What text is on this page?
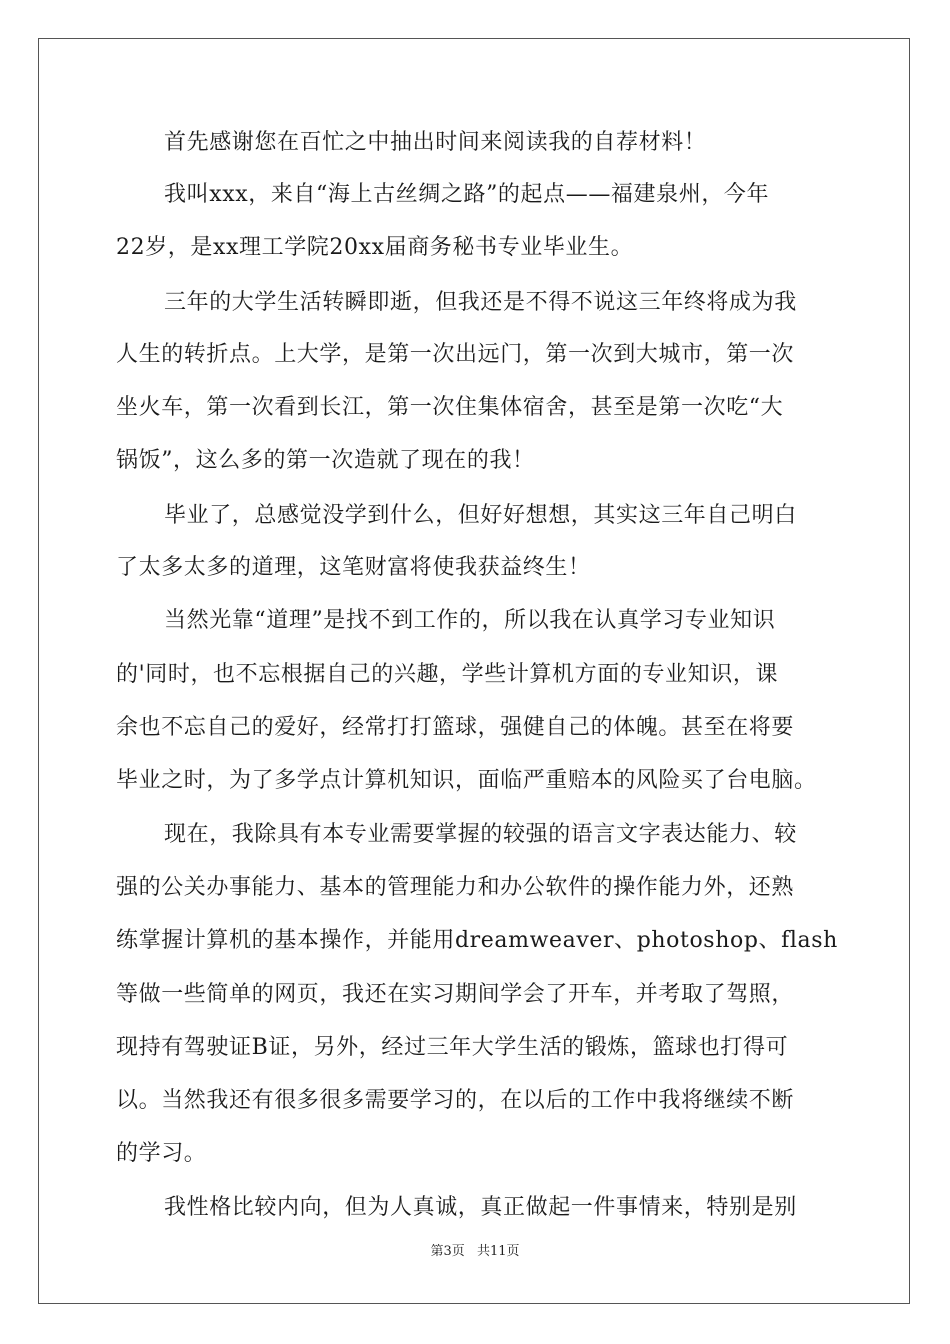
首先感谢您在百忙之中抽出时间来阅读我的自荐材料！
我叫xxx，来自“海上古丝绸之路”的起点——福建泉州，今年
22岁，是xx理工学院20xx届商务秘书专业毕业生。
三年的大学生活转瞬即逝，但我还是不得不说这三年终将成为我
人生的转折点。上大学，是第一次出远门，第一次到大城市，第一次
坐火车，第一次看到长江，第一次住集体宿舍，甚至是第一次吃“大
锅饭”，这么多的第一次造就了现在的我！
毕业了，总感觉没学到什么，但好好想想，其实这三年自己明白
了太多太多的道理，这笔财富将使我获益终生！
当然光靠“道理”是找不到工作的，所以我在认真学习专业知识
的'同时，也不忘根据自己的兴趣，学些计算机方面的专业知识，课
余也不忘自己的爱好，经常打打篮球，强健自己的体魄。甚至在将要
毕业之时，为了多学点计算机知识，面临严重赔本的风险买了台电脑。
现在，我除具有本专业需要掌握的较强的语言文字表达能力、较
强的公关办事能力、基本的管理能力和办公软件的操作能力外，还熟
练掌握计算机的基本操作，并能用dreamweaver、photoshop、flash
等做一些简单的网页，我还在实习期间学会了开车，并考取了驾照，
现持有驾驶证B证，另外，经过三年大学生活的锻炼，篮球也打得可
以。当然我还有很多很多需要学习的，在以后的工作中我将继续不断
的学习。
我性格比较内向，但为人真诚，真正做起一件事情来，特别是别
第3页 共11页
